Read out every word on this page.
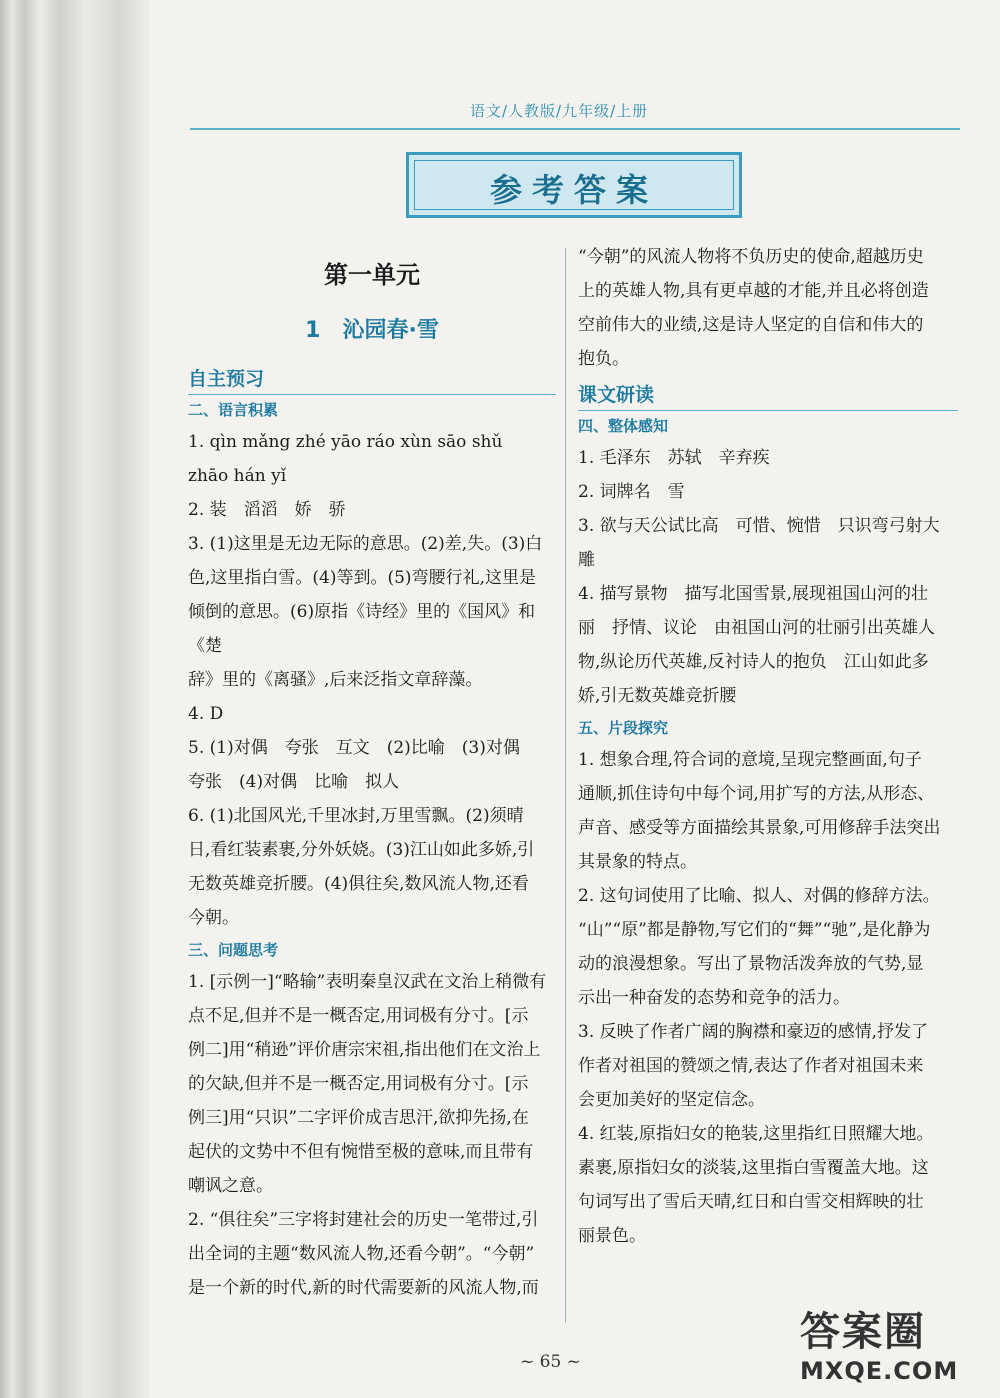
语文/人教版/九年级/上册
参考答案
第一单元
1　沁园春·雪
自主预习
二、语言积累

1. qìn mǎng zhé yāo ráo xùn sāo shǔ

zhāo hán yǐ

2. 装　滔滔　娇　骄

3. (1)这里是无边无际的意思。(2)差,失。(3)白

色,这里指白雪。(4)等到。(5)弯腰行礼,这里是

倾倒的意思。(6)原指《诗经》里的《国风》和《楚

辞》里的《离骚》,后来泛指文章辞藻。

4. D

5. (1)对偶　夸张　互文　(2)比喻　(3)对偶

夸张　(4)对偶　比喻　拟人

6. (1)北国风光,千里冰封,万里雪飘。(2)须晴

日,看红装素裹,分外妖娆。(3)江山如此多娇,引

无数英雄竞折腰。(4)俱往矣,数风流人物,还看

今朝。

三、问题思考

1. [示例一]“略输”表明秦皇汉武在文治上稍微有

点不足,但并不是一概否定,用词极有分寸。[示

例二]用“稍逊”评价唐宗宋祖,指出他们在文治上

的欠缺,但并不是一概否定,用词极有分寸。[示

例三]用“只识”二字评价成吉思汗,欲抑先扬,在

起伏的文势中不但有惋惜至极的意味,而且带有

嘲讽之意。

2. “俱往矣”三字将封建社会的历史一笔带过,引

出全词的主题“数风流人物,还看今朝”。“今朝”

是一个新的时代,新的时代需要新的风流人物,而

“今朝”的风流人物将不负历史的使命,超越历史

上的英雄人物,具有更卓越的才能,并且必将创造

空前伟大的业绩,这是诗人坚定的自信和伟大的

抱负。

课文研读
四、整体感知

1. 毛泽东　苏轼　辛弃疾

2. 词牌名　雪

3. 欲与天公试比高　可惜、惋惜　只识弯弓射大

雕

4. 描写景物　描写北国雪景,展现祖国山河的壮

丽　抒情、议论　由祖国山河的壮丽引出英雄人

物,纵论历代英雄,反衬诗人的抱负　江山如此多

娇,引无数英雄竞折腰

五、片段探究

1. 想象合理,符合词的意境,呈现完整画面,句子

通顺,抓住诗句中每个词,用扩写的方法,从形态、

声音、感受等方面描绘其景象,可用修辞手法突出

其景象的特点。

2. 这句词使用了比喻、拟人、对偶的修辞方法。

“山”“原”都是静物,写它们的“舞”“驰”,是化静为

动的浪漫想象。写出了景物活泼奔放的气势,显

示出一种奋发的态势和竞争的活力。

3. 反映了作者广阔的胸襟和豪迈的感情,抒发了

作者对祖国的赞颂之情,表达了作者对祖国未来

会更加美好的坚定信念。

4. 红装,原指妇女的艳装,这里指红日照耀大地。

素裹,原指妇女的淡装,这里指白雪覆盖大地。这

句词写出了雪后天晴,红日和白雪交相辉映的壮

丽景色。

~ 65 ~
答案圈
MXQE.COM
